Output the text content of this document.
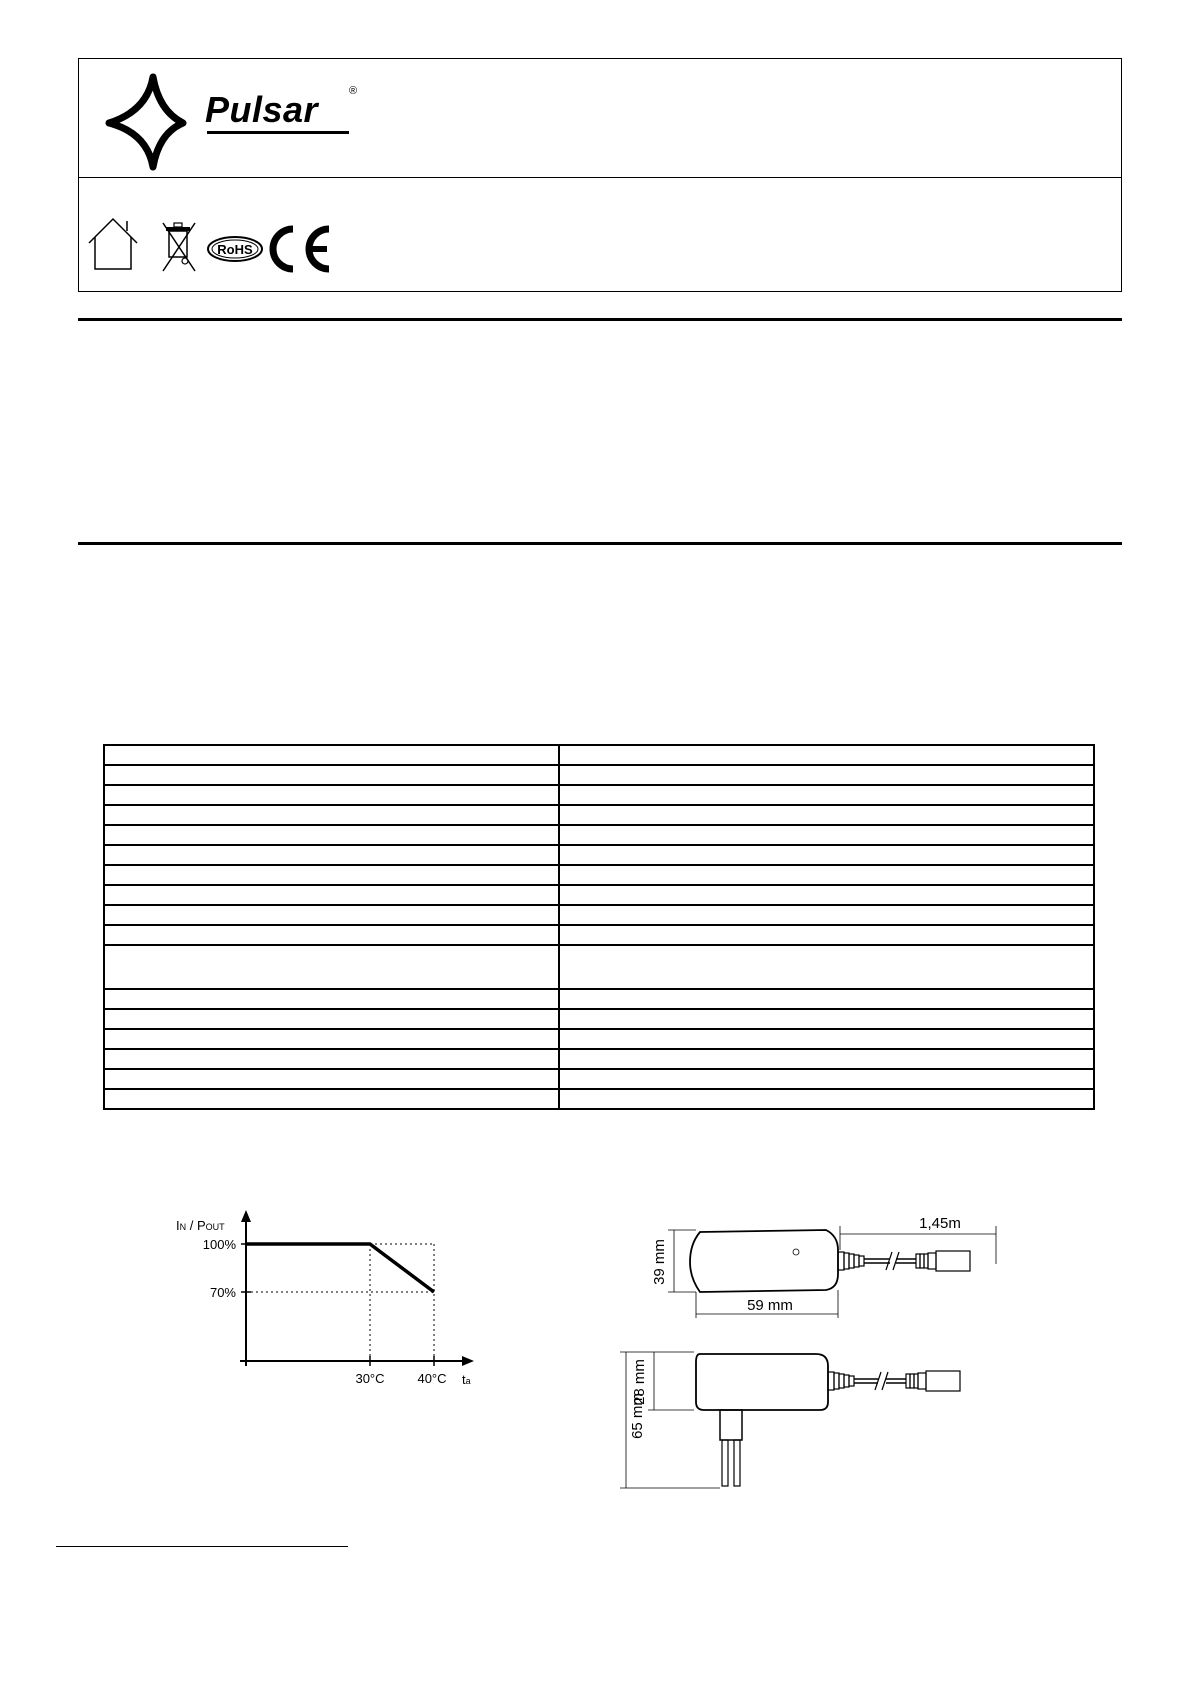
Pulsar	®
RoHS

IN / POUT
100%
70%
30°C	40°C ta
1,45m
39 mm
59 mm
28 mm
65 mm
